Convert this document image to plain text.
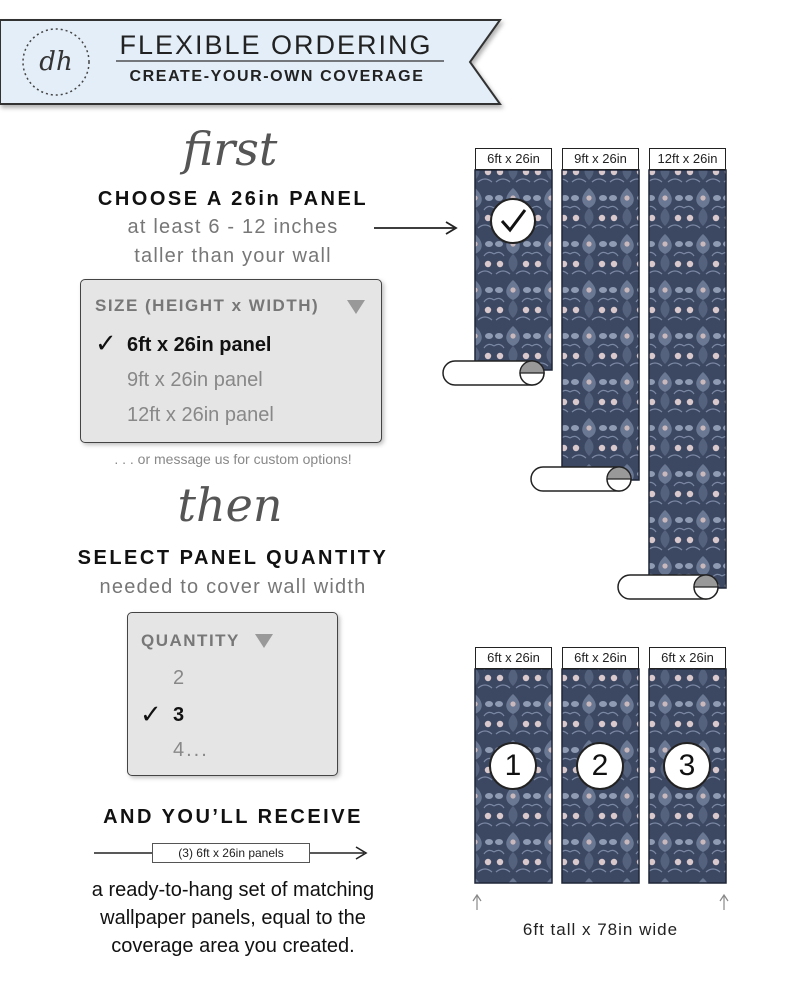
dh
FLEXIBLE ORDERING
CREATE-YOUR-OWN COVERAGE
first
CHOOSE A 26in PANEL
at least 6 - 12 inches
taller than your wall
SIZE (HEIGHT x WIDTH)
✓ 6ft x 26in panel
9ft x 26in panel
12ft x 26in panel
. . . or message us for custom options!
then
SELECT PANEL QUANTITY
needed to cover wall width
QUANTITY
2
✓ 3
4...
AND YOU’LL RECEIVE
(3) 6ft x 26in panels
a ready-to-hang set of matching
wallpaper panels, equal to the
coverage area you created.
6ft x 26in	9ft x 26in	12ft x 26in
6ft x 26in	6ft x 26in	6ft x 26in
1	2	3
6ft tall x 78in wide
